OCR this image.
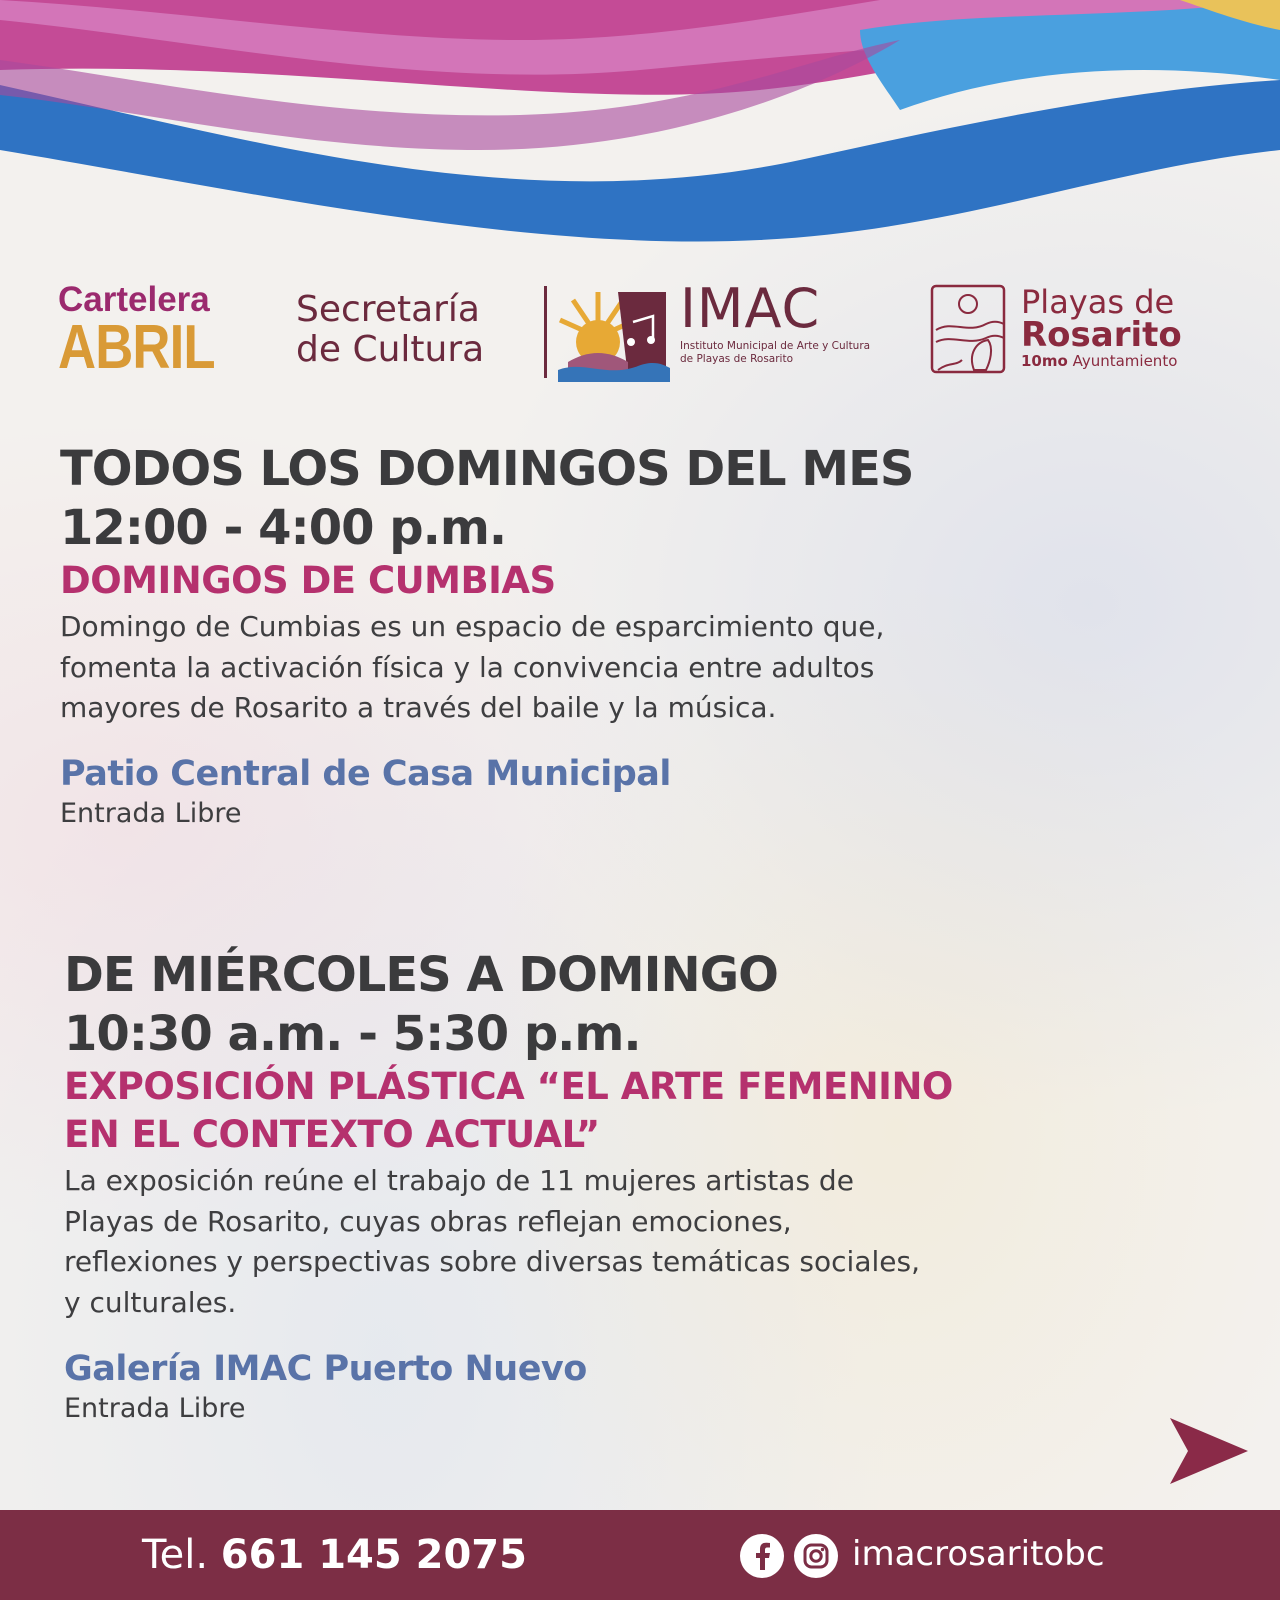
Cartelera
ABRIL
Secretaría
de Cultura
IMAC
Instituto Municipal de Arte y Cultura
de Playas de Rosarito
Playas de
Rosarito
10mo Ayuntamiento
TODOS LOS DOMINGOS DEL MES
12:00 - 4:00 p.m.
DOMINGOS DE CUMBIAS
Domingo de Cumbias es un espacio de esparcimiento que,
fomenta la activación física y la convivencia entre adultos
mayores de Rosarito a través del baile y la música.
Patio Central de Casa Municipal
Entrada Libre
DE MIÉRCOLES A DOMINGO
10:30 a.m. - 5:30 p.m.
EXPOSICIÓN PLÁSTICA “EL ARTE FEMENINO
EN EL CONTEXTO ACTUAL”
La exposición reúne el trabajo de 11 mujeres artistas de
Playas de Rosarito, cuyas obras reflejan emociones,
reflexiones y perspectivas sobre diversas temáticas sociales,
y culturales.
Galería IMAC Puerto Nuevo
Entrada Libre
Tel. 661 145 2075	imacrosaritobc
